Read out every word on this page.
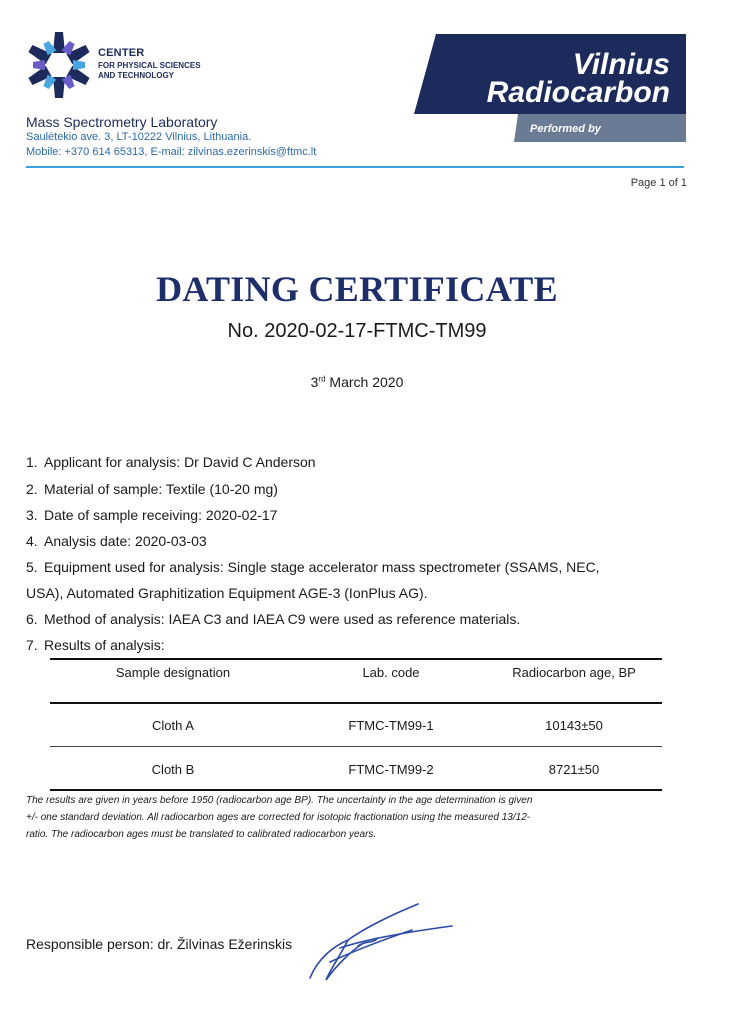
CENTER
FOR PHYSICAL SCIENCES
AND TECHNOLOGY
Mass Spectrometry Laboratory
Saulėtekio ave. 3, LT-10222 Vilnius, Lithuania.
Mobile: +370 614 65313, E-mail: zilvinas.ezerinskis@ftmc.lt
Vilnius
Radiocarbon
Performed by
Page 1 of 1
DATING CERTIFICATE
No. 2020-02-17-FTMC-TM99
3rd March 2020
1. Applicant for analysis: Dr David C Anderson
2. Material of sample: Textile (10-20 mg)
3. Date of sample receiving: 2020-02-17
4. Analysis date: 2020-03-03
5. Equipment used for analysis: Single stage accelerator mass spectrometer (SSAMS, NEC,
USA), Automated Graphitization Equipment AGE-3 (IonPlus AG).
6. Method of analysis: IAEA C3 and IAEA C9 were used as reference materials.
7. Results of analysis:
Sample designation	Lab. code	Radiocarbon age, BP
Cloth A	FTMC-TM99-1	10143±50
Cloth B	FTMC-TM99-2	8721±50
The results are given in years before 1950 (radiocarbon age BP). The uncertainty in the age determination is given
+/- one standard deviation. All radiocarbon ages are corrected for isotopic fractionation using the measured 13/12-
ratio. The radiocarbon ages must be translated to calibrated radiocarbon years.
Responsible person: dr. Žilvinas Ežerinskis
